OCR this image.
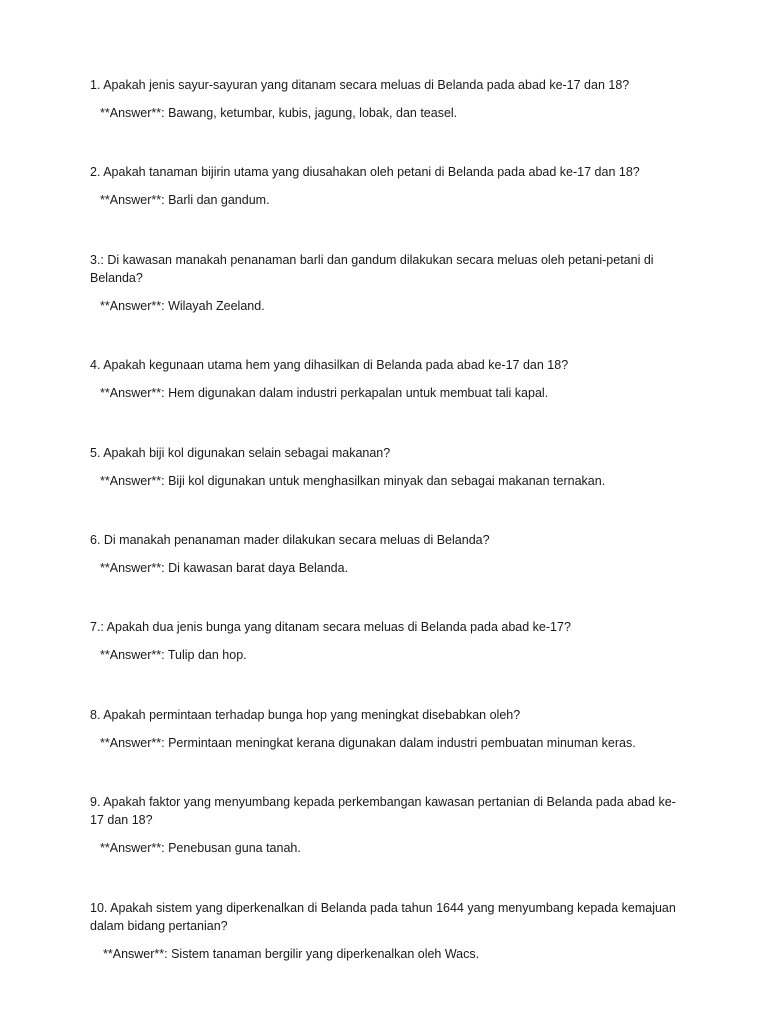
1. Apakah jenis sayur-sayuran yang ditanam secara meluas di Belanda pada abad ke-17 dan 18?

**Answer**: Bawang, ketumbar, kubis, jagung, lobak, dan teasel.

2. Apakah tanaman bijirin utama yang diusahakan oleh petani di Belanda pada abad ke-17 dan 18?

**Answer**: Barli dan gandum.

3.: Di kawasan manakah penanaman barli dan gandum dilakukan secara meluas oleh petani-petani di Belanda?

**Answer**: Wilayah Zeeland.

4. Apakah kegunaan utama hem yang dihasilkan di Belanda pada abad ke-17 dan 18?

**Answer**: Hem digunakan dalam industri perkapalan untuk membuat tali kapal.

5. Apakah biji kol digunakan selain sebagai makanan?

**Answer**: Biji kol digunakan untuk menghasilkan minyak dan sebagai makanan ternakan.

6. Di manakah penanaman mader dilakukan secara meluas di Belanda?

**Answer**: Di kawasan barat daya Belanda.

7.: Apakah dua jenis bunga yang ditanam secara meluas di Belanda pada abad ke-17?

**Answer**: Tulip dan hop.

8. Apakah permintaan terhadap bunga hop yang meningkat disebabkan oleh?

**Answer**: Permintaan meningkat kerana digunakan dalam industri pembuatan minuman keras.

9. Apakah faktor yang menyumbang kepada perkembangan kawasan pertanian di Belanda pada abad ke-17 dan 18?

**Answer**: Penebusan guna tanah.

10. Apakah sistem yang diperkenalkan di Belanda pada tahun 1644 yang menyumbang kepada kemajuan dalam bidang pertanian?

**Answer**: Sistem tanaman bergilir yang diperkenalkan oleh Wacs.
